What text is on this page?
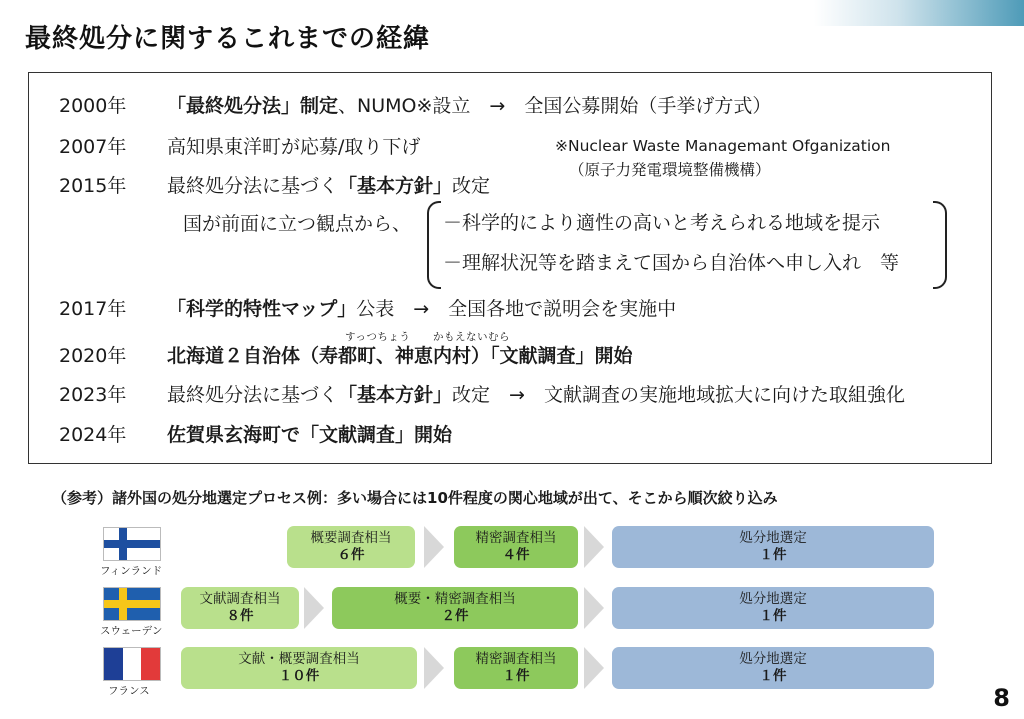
最終処分に関するこれまでの経緯
2000年 「最終処分法」制定、NUMO※設立　→　全国公募開始（手挙げ方式）
2007年 高知県東洋町が応募/取り下げ	※Nuclear Waste Managemant Ofganization
（原子力発電環境整備機構）
2015年 最終処分法に基づく「基本方針」改定
国が前面に立つ観点から、 －科学的により適性の高いと考えられる地域を提示
－理解状況等を踏まえて国から自治体へ申し入れ　等
2017年 「科学的特性マップ」公表　→　全国各地で説明会を実施中
すっつちょう かもえないむら
2020年 北海道２自治体（寿都町、神恵内村）「文献調査」開始
2023年 最終処分法に基づく「基本方針」改定　→　文献調査の実施地域拡大に向けた取組強化
2024年 佐賀県玄海町で「文献調査」開始
（参考）諸外国の処分地選定プロセス例：多い場合には10件程度の関心地域が出て、そこから順次絞り込み
フィンランド
概要調査相当
６件
精密調査相当
４件
処分地選定
１件
スウェーデン
文献調査相当
８件
概要・精密調査相当
２件
処分地選定
１件
フランス
文献・概要調査相当
１０件
精密調査相当
１件
処分地選定
１件
8
